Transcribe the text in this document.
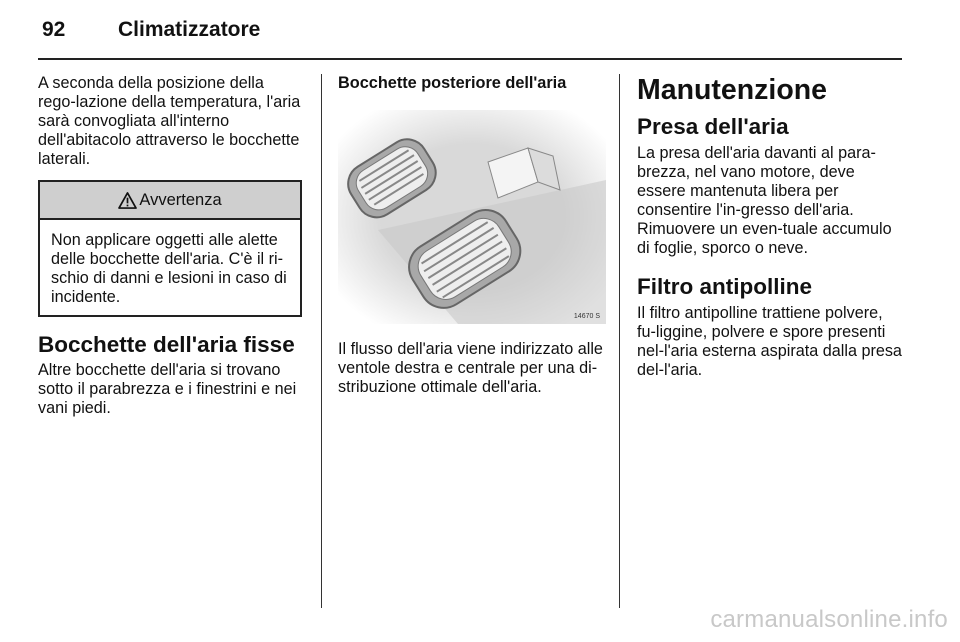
92	Climatizzatore

A seconda della posizione della rego-lazione della temperatura, l'aria sarà convogliata all'interno dell'abitacolo attraverso le bocchette laterali.

Avvertenza
Non applicare oggetti alle alette delle bocchette dell'aria. C'è il ri-schio di danni e lesioni in caso di incidente.
Bocchette dell'aria fisse

Altre bocchette dell'aria si trovano sotto il parabrezza e i finestrini e nei vani piedi.

Bocchette posteriore dell'aria
14670 S

Il flusso dell'aria viene indirizzato alle ventole destra e centrale per una di-stribuzione ottimale dell'aria.

Manutenzione
Presa dell'aria

La presa dell'aria davanti al para-brezza, nel vano motore, deve essere mantenuta libera per consentire l'in-gresso dell'aria. Rimuovere un even-tuale accumulo di foglie, sporco o neve.

Filtro antipolline

Il filtro antipolline trattiene polvere, fu-liggine, polvere e spore presenti nel-l'aria esterna aspirata dalla presa del-l'aria.

carmanualsonline.info
